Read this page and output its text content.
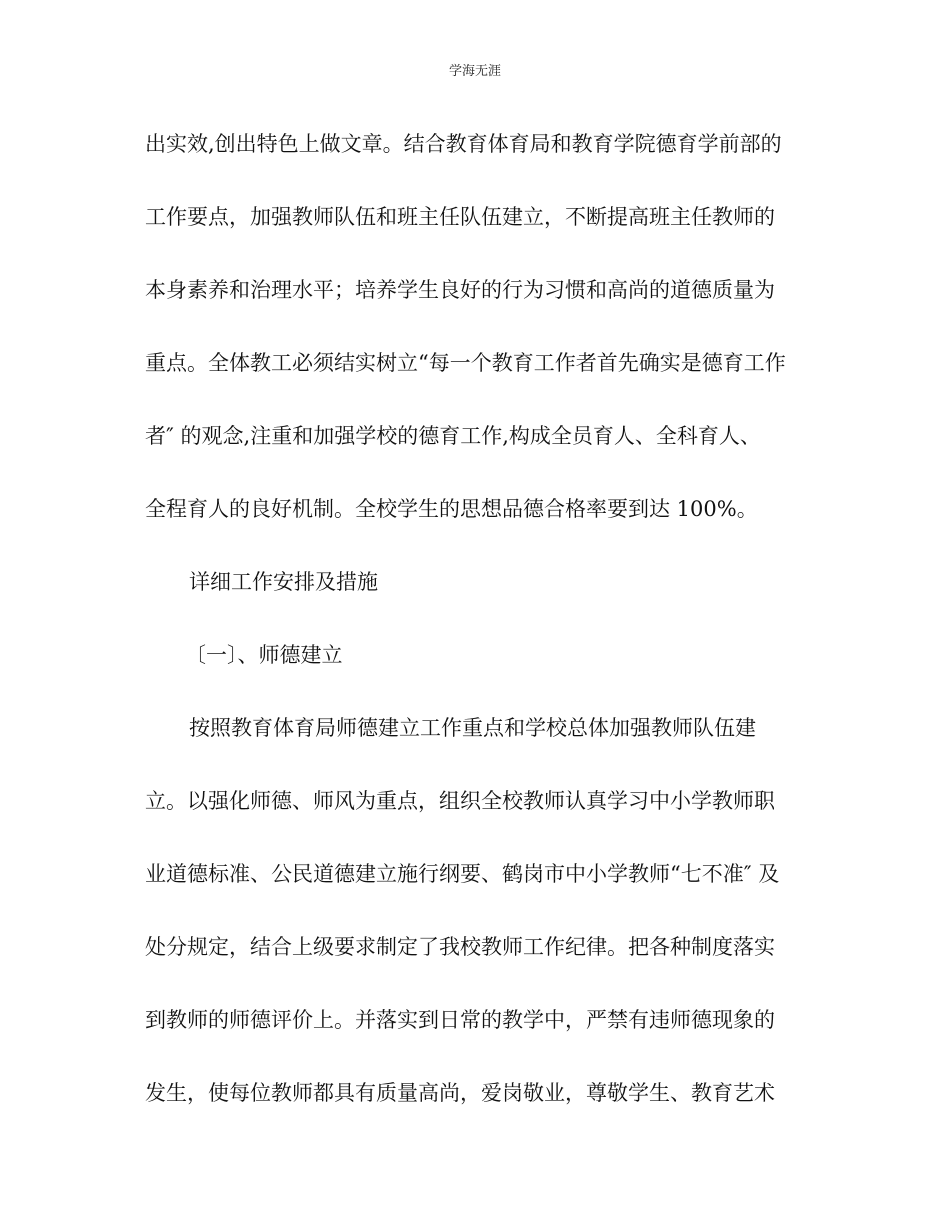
学海无涯
出实效,创出特色上做文章。结合教育体育局和教育学院德育学前部的
工作要点，加强教师队伍和班主任队伍建立，不断提高班主任教师的
本身素养和治理水平；培养学生良好的行为习惯和高尚的道德质量为
重点。全体教工必须结实树立“每一个教育工作者首先确实是德育工作
者″ 的观念,注重和加强学校的德育工作,构成全员育人、全科育人、
全程育人的良好机制。全校学生的思想品德合格率要到达 100%。
详细工作安排及措施
〔一〕、师德建立
按照教育体育局师德建立工作重点和学校总体加强教师队伍建
立。以强化师德、师风为重点，组织全校教师认真学习中小学教师职
业道德标准、公民道德建立施行纲要、鹤岗市中小学教师“七不准″ 及
处分规定，结合上级要求制定了我校教师工作纪律。把各种制度落实
到教师的师德评价上。并落实到日常的教学中，严禁有违师德现象的
发生，使每位教师都具有质量高尚，爱岗敬业，尊敬学生、教育艺术
